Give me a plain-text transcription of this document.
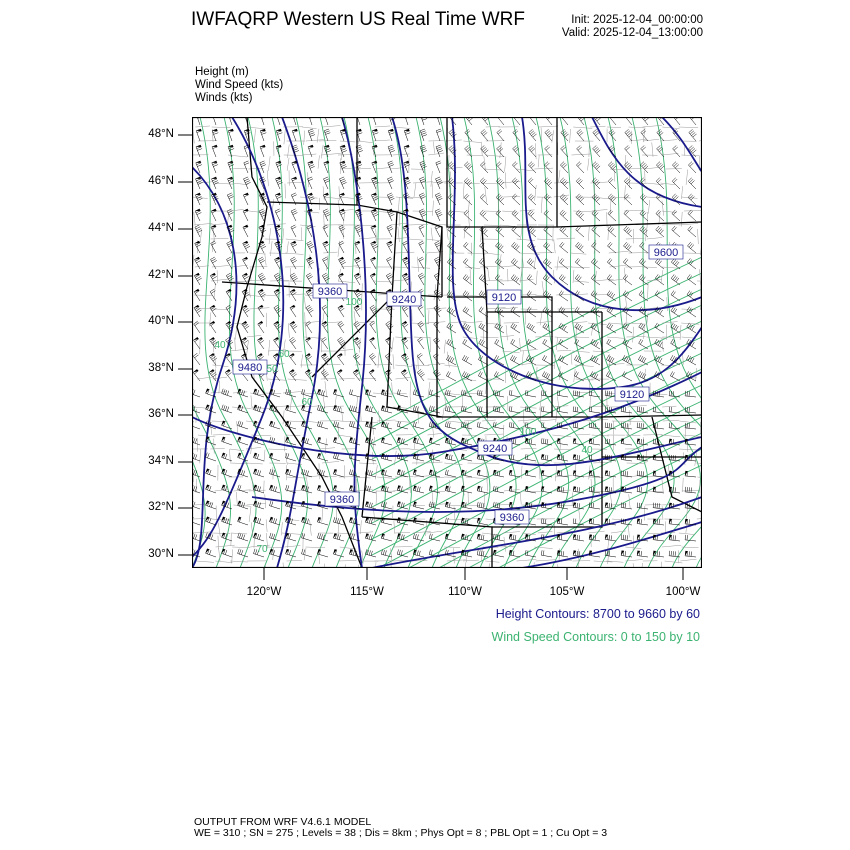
IWFAQRP Western US Real Time WRF	Init: 2025-12-04_00:00:00
Valid: 2025-12-04_13:00:00
Height (m)
Wind Speed (kts)
Winds (kts)
9360
9240	9120
9600
9480
9120
9240
9360
9360
100
40
60
50
60
40
100
70
48°N
46°N
44°N
42°N
40°N
38°N
36°N
34°N
32°N
30°N
120°W	115°W	110°W	105°W	100°W
Height Contours: 8700 to 9660 by 60
Wind Speed Contours: 0 to 150 by 10
OUTPUT FROM WRF V4.6.1 MODEL
WE = 310 ; SN = 275 ; Levels = 38 ; Dis = 8km ; Phys Opt = 8 ; PBL Opt = 1 ; Cu Opt = 3
